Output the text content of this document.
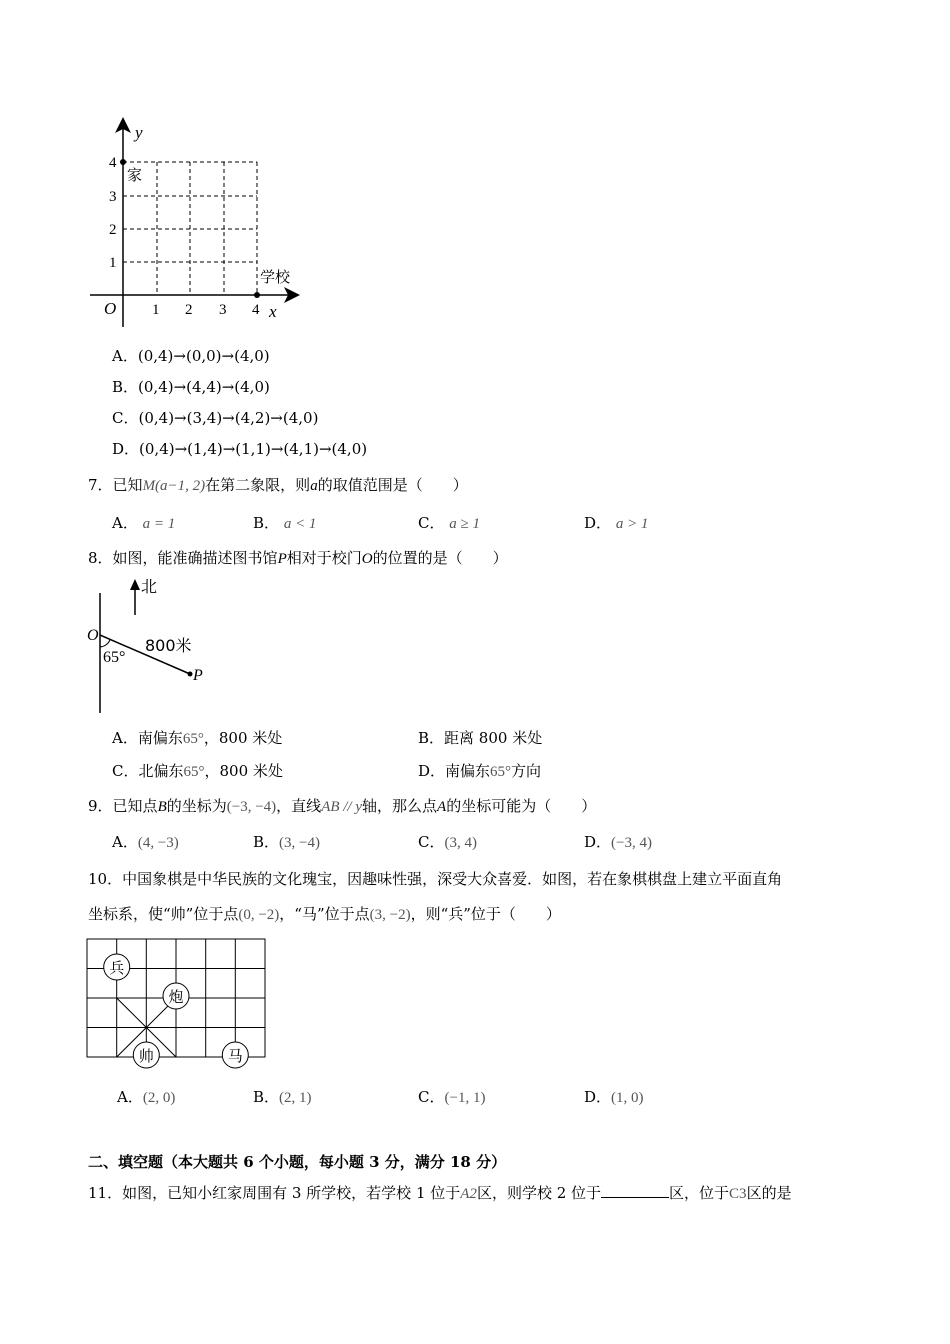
y
x
O 1 2 3 4
1
2
3
4
家
学校
A．(0,4)→(0,0)→(4,0)
B．(0,4)→(4,4)→(4,0)
C．(0,4)→(3,4)→(4,2)→(4,0)
D．(0,4)→(1,4)→(1,1)→(4,1)→(4,0)
7．已知M(a−1, 2)在第二象限，则a的取值范围是（　　）
A． a = 1	B． a < 1	C． a ≥ 1	D． a > 1
8．如图，能准确描述图书馆P相对于校门O的位置的是（　　）
北
O
65°
800米
P
A．南偏东65°，800 米处	B．距离 800 米处
C．北偏东65°，800 米处	D．南偏东65°方向
9．已知点B的坐标为(−3, −4)，直线AB // y轴，那么点A的坐标可能为（　　）
A．(4, −3)	B．(3, −4)	C．(3, 4)	D．(−3, 4)
10．中国象棋是中华民族的文化瑰宝，因趣味性强，深受大众喜爱．如图，若在象棋棋盘上建立平面直角
坐标系，使“帅”位于点(0, −2)，“马”位于点(3, −2)，则“兵”位于（　　）
兵
炮
帅	马
A．(2, 0)	B．(2, 1)	C．(−1, 1)	D．(1, 0)
二、填空题（本大题共 6 个小题，每小题 3 分，满分 18 分）
11．如图，已知小红家周围有 3 所学校，若学校 1 位于A2区，则学校 2 位于	区，位于C3区的是
